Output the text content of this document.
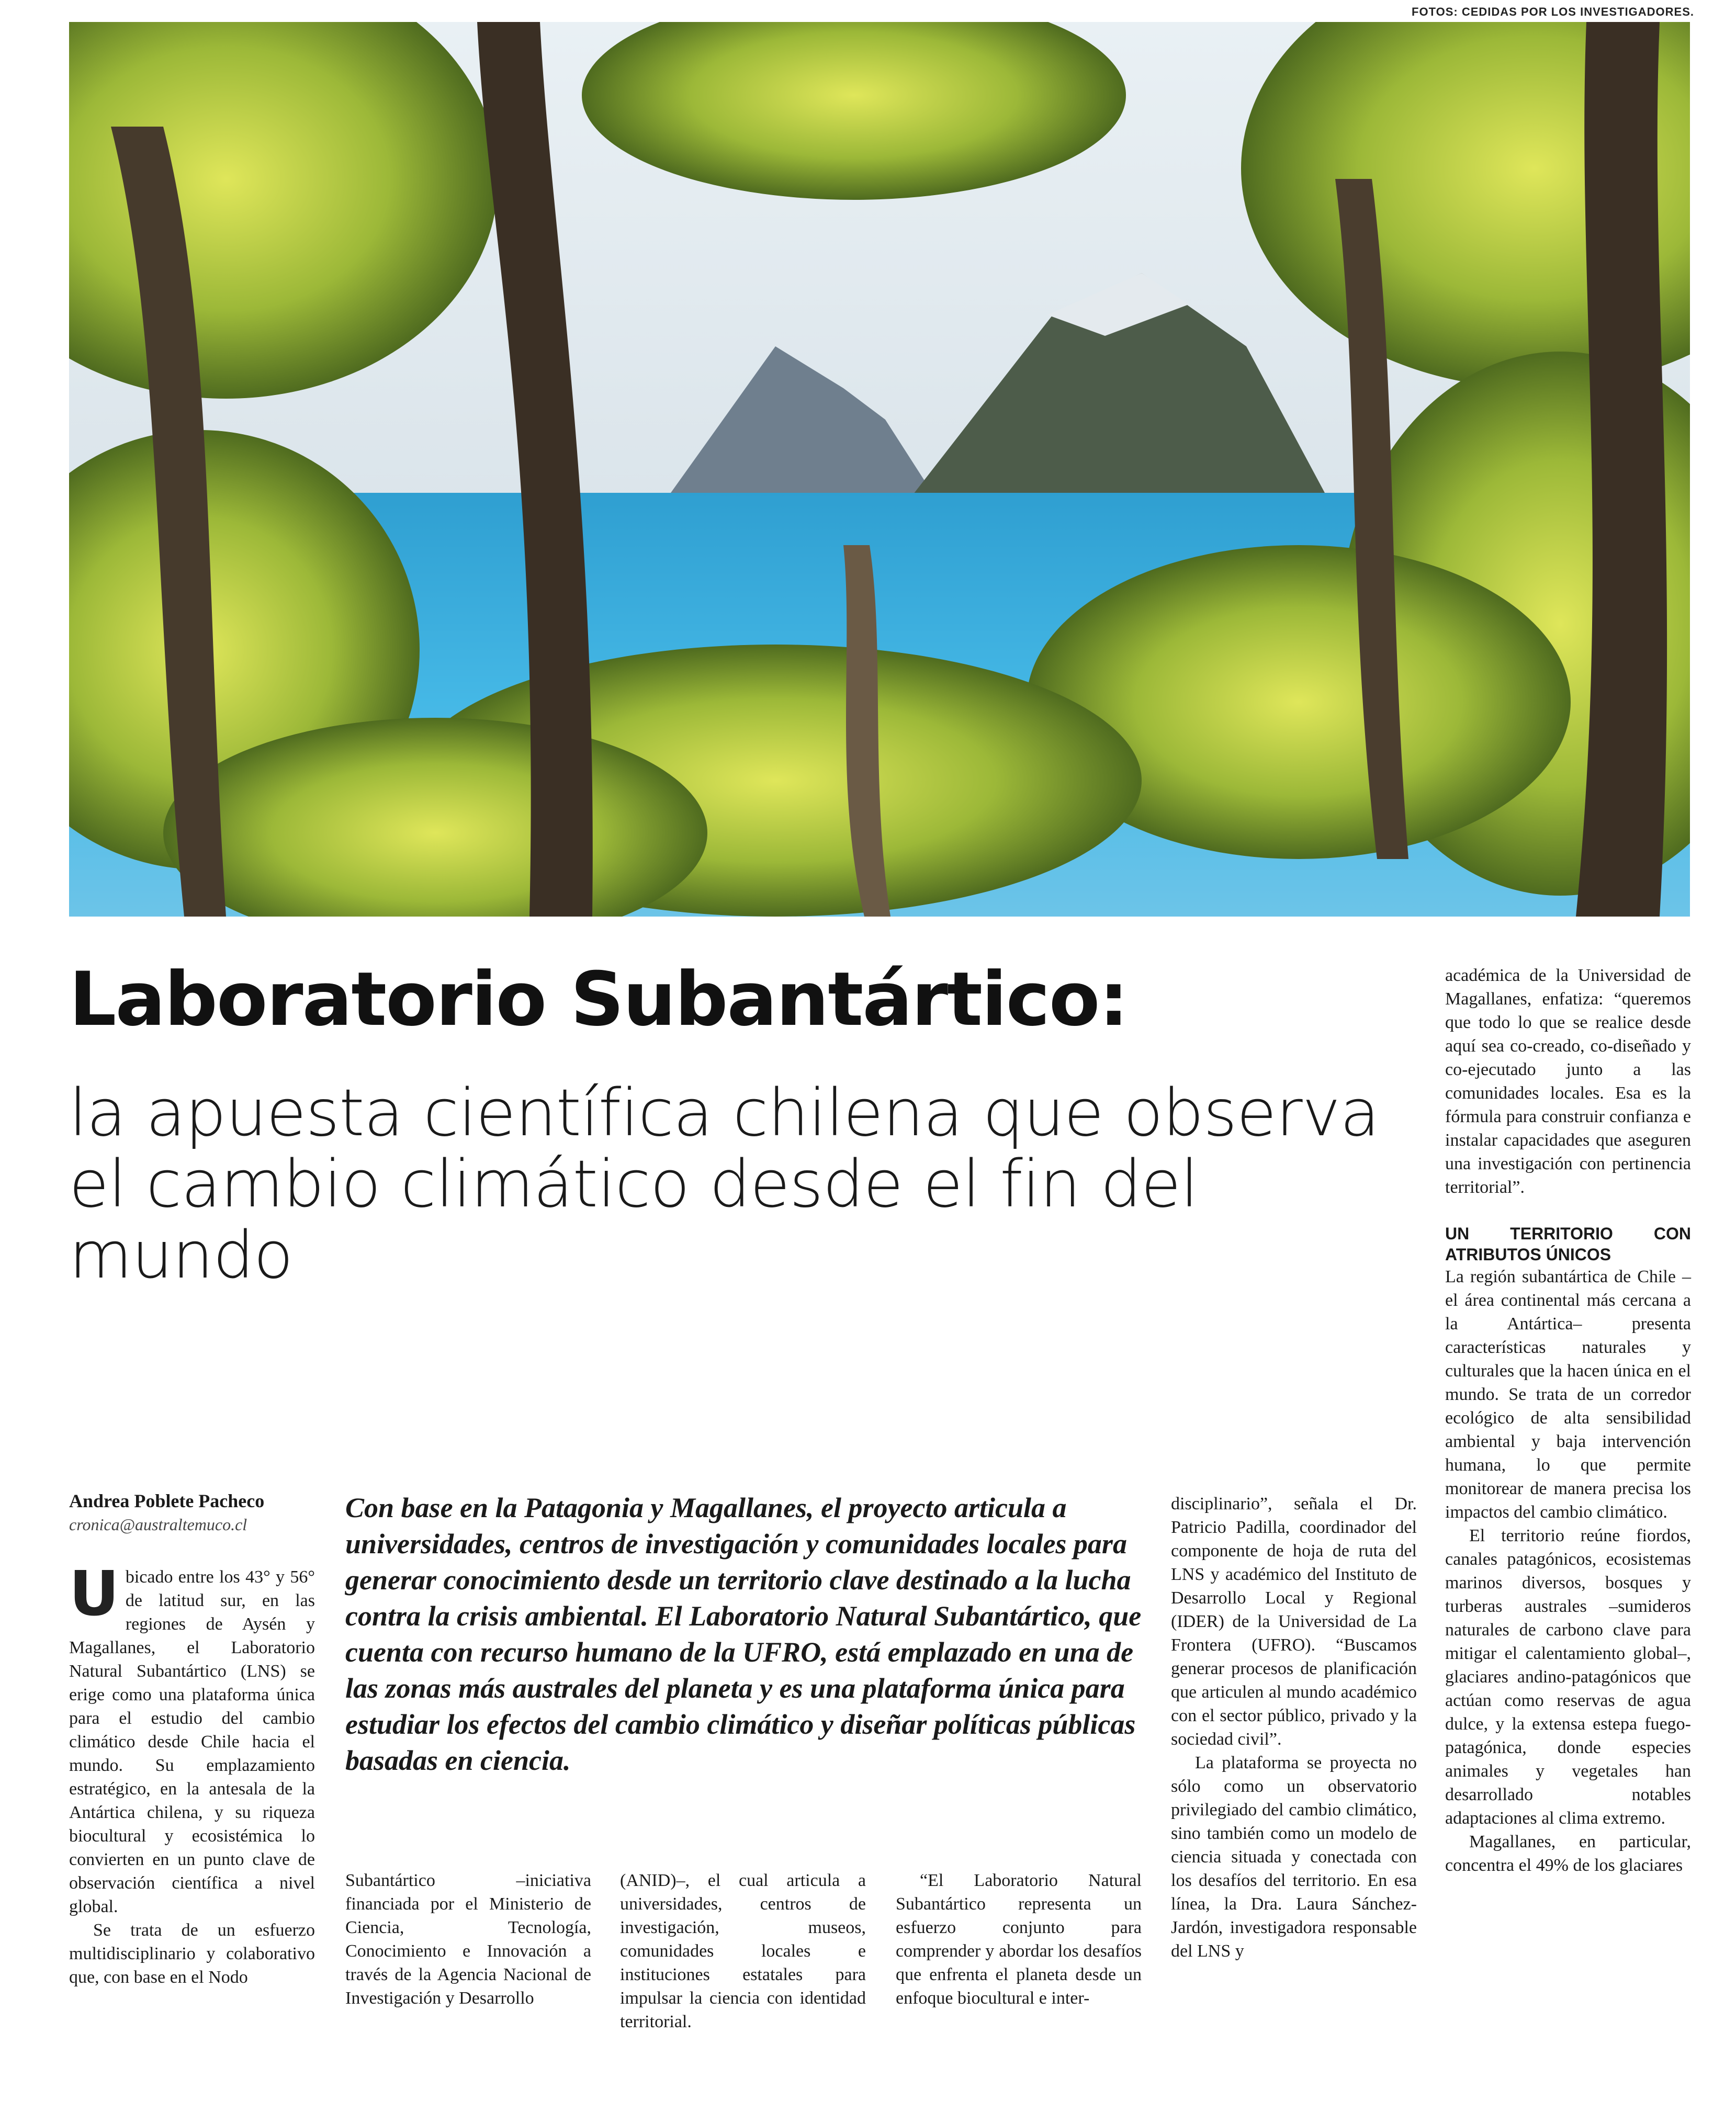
FOTOS: CEDIDAS POR LOS INVESTIGADORES.
Laboratorio Subantártico:
la apuesta científica chilena que observa el cambio climático desde el fin del mundo
Andrea Poblete Pacheco
cronica@australtemuco.cl

Con base en la Patagonia y Magallanes, el proyecto articula a universidades, centros de investigación y comunidades locales para generar conocimiento desde un territorio clave destinado a la lucha contra la crisis ambiental. El Laboratorio Natural Subantártico, que cuenta con recurso humano de la UFRO, está emplazado en una de las zonas más australes del planeta y es una plataforma única para estudiar los efectos del cambio climático y diseñar políticas públicas basadas en ciencia.

Ubicado entre los 43° y 56° de latitud sur, en las regiones de Aysén y Magallanes, el Laboratorio Natural Subantártico (LNS) se erige como una plataforma única para el estudio del cambio climático desde Chile hacia el mundo. Su emplazamiento estratégico, en la antesala de la Antártica chilena, y su riqueza biocultural y ecosistémica lo convierten en un punto clave de observación científica a nivel global.

Se trata de un esfuerzo multidisciplinario y colaborativo que, con base en el Nodo

Subantártico –iniciativa financiada por el Ministerio de Ciencia, Tecnología, Conocimiento e Innovación a través de la Agencia Nacional de Investigación y Desarrollo

(ANID)–, el cual articula a universidades, centros de investigación, museos, comunidades locales e instituciones estatales para impulsar la ciencia con identidad territorial.

“El Laboratorio Natural Subantártico representa un esfuerzo conjunto para comprender y abordar los desafíos que enfrenta el planeta desde un enfoque biocultural e inter-

disciplinario”, señala el Dr. Patricio Padilla, coordinador del componente de hoja de ruta del LNS y académico del Instituto de Desarrollo Local y Regional (IDER) de la Universidad de La Frontera (UFRO). “Buscamos generar procesos de planificación que articulen al mundo académico con el sector público, privado y la sociedad civil”.

La plataforma se proyecta no sólo como un observatorio privilegiado del cambio climático, sino también como un modelo de ciencia situada y conectada con los desafíos del territorio. En esa línea, la Dra. Laura Sánchez-Jardón, investigadora responsable del LNS y

académica de la Universidad de Magallanes, enfatiza: “queremos que todo lo que se realice desde aquí sea co-creado, co-diseñado y co-ejecutado junto a las comunidades locales. Esa es la fórmula para construir confianza e instalar capacidades que aseguren una investigación con pertinencia territorial”.

UN TERRITORIO CON ATRIBUTOS ÚNICOS

La región subantártica de Chile –el área continental más cercana a la Antártica– presenta características naturales y culturales que la hacen única en el mundo. Se trata de un corredor ecológico de alta sensibilidad ambiental y baja intervención humana, lo que permite monitorear de manera precisa los impactos del cambio climático.

El territorio reúne fiordos, canales patagónicos, ecosistemas marinos diversos, bosques y turberas australes –sumideros naturales de carbono clave para mitigar el calentamiento global–, glaciares andino-patagónicos que actúan como reservas de agua dulce, y la extensa estepa fuego-patagónica, donde especies animales y vegetales han desarrollado notables adaptaciones al clima extremo.

Magallanes, en particular, concentra el 49% de los glaciares
